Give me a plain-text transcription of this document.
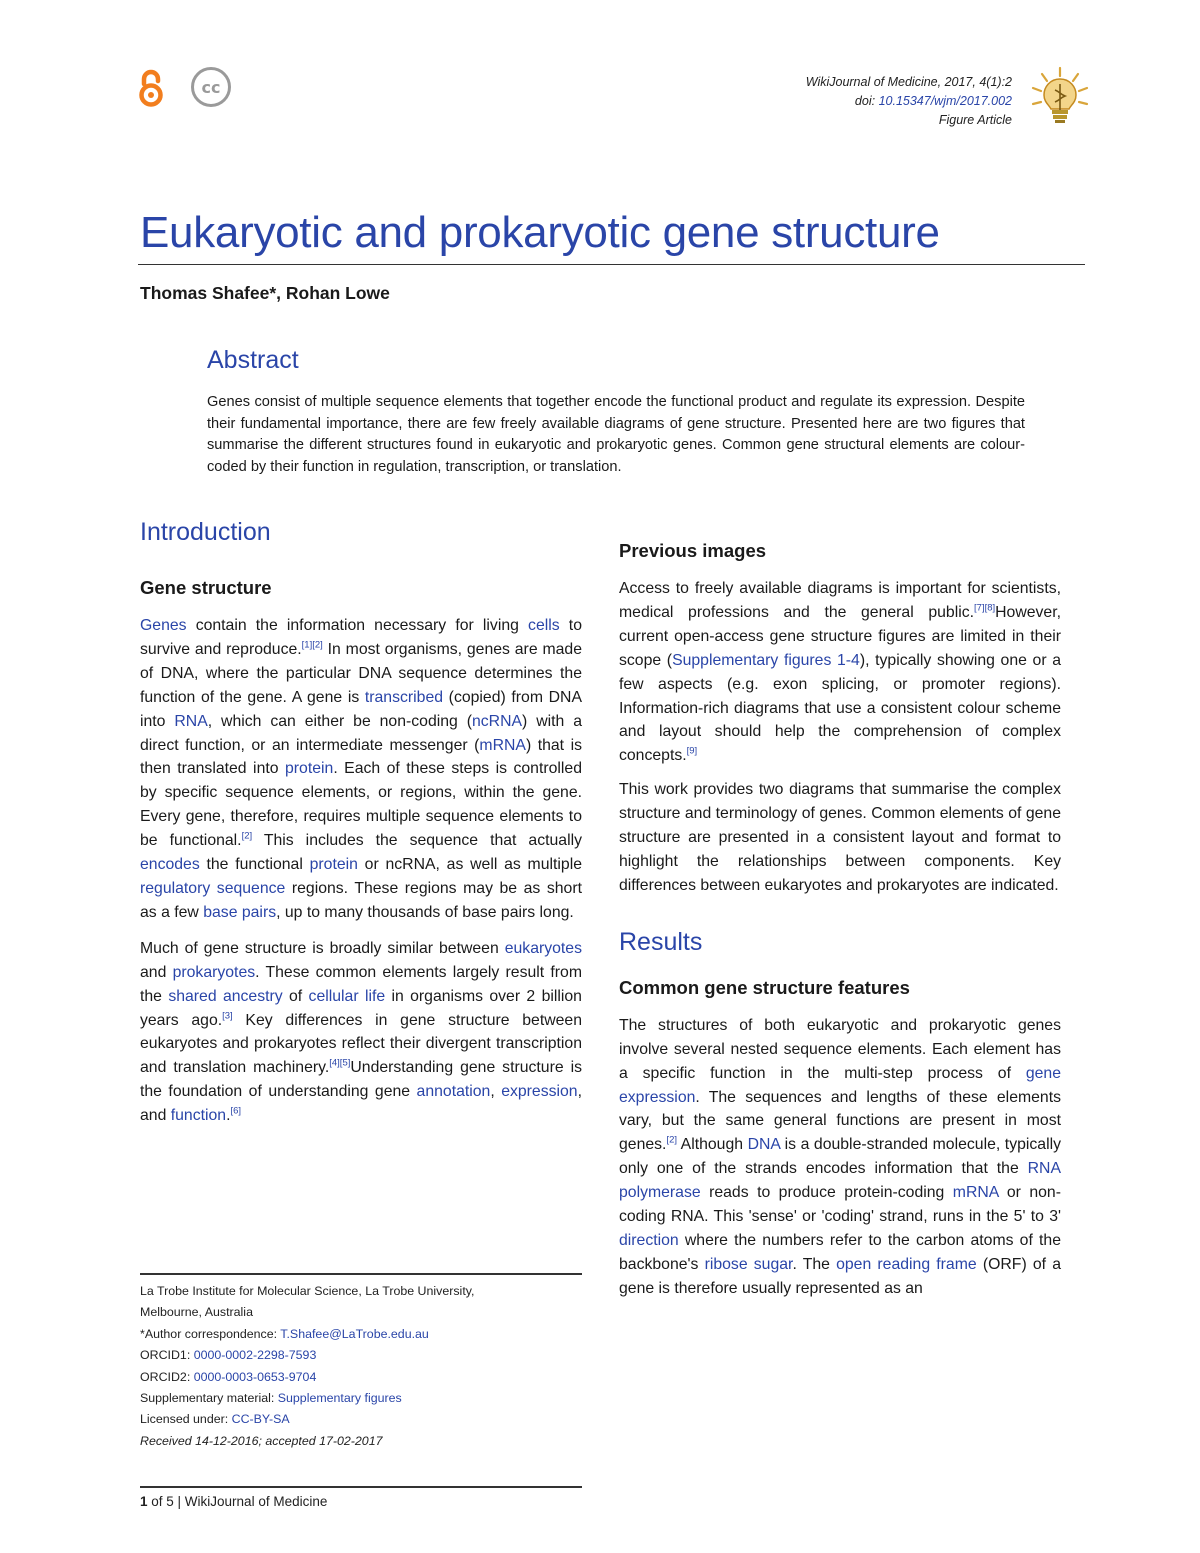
cc	WikiJournal of Medicine, 2017, 4(1):2
doi: 10.15347/wjm/2017.002
Figure Article
Eukaryotic and prokaryotic gene structure
Thomas Shafee*, Rohan Lowe
Abstract
Genes consist of multiple sequence elements that together encode the functional product and regulate its expression. Despite their fundamental importance, there are few freely available diagrams of gene structure. Presented here are two figures that summarise the different structures found in eukaryotic and prokaryotic genes. Common gene structural elements are colour-coded by their function in regulation, transcription, or translation.
Introduction
Gene structure

Genes contain the information necessary for living cells to survive and reproduce.[1][2] In most organisms, genes are made of DNA, where the particular DNA sequence determines the function of the gene. A gene is transcribed (copied) from DNA into RNA, which can either be non-coding (ncRNA) with a direct function, or an intermediate messenger (mRNA) that is then translated into protein. Each of these steps is controlled by specific sequence elements, or regions, within the gene. Every gene, therefore, requires multiple sequence elements to be functional.[2] This includes the sequence that actually encodes the functional protein or ncRNA, as well as multiple regulatory sequence regions. These regions may be as short as a few base pairs, up to many thousands of base pairs long.

Much of gene structure is broadly similar between eukaryotes and prokaryotes. These common elements largely result from the shared ancestry of cellular life in organisms over 2 billion years ago.[3] Key differences in gene structure between eukaryotes and prokaryotes reflect their divergent transcription and translation machinery.[4][5]Understanding gene structure is the foundation of understanding gene annotation, expression, and function.[6]

Previous images

Access to freely available diagrams is important for scientists, medical professions and the general public.[7][8]However, current open-access gene structure figures are limited in their scope (Supplementary figures 1-4), typically showing one or a few aspects (e.g. exon splicing, or promoter regions). Information-rich diagrams that use a consistent colour scheme and layout should help the comprehension of complex concepts.[9]

This work provides two diagrams that summarise the complex structure and terminology of genes. Common elements of gene structure are presented in a consistent layout and format to highlight the relationships between components. Key differences between eukaryotes and prokaryotes are indicated.

Results
Common gene structure features

The structures of both eukaryotic and prokaryotic genes involve several nested sequence elements. Each element has a specific function in the multi-step process of gene expression. The sequences and lengths of these elements vary, but the same general functions are present in most genes.[2] Although DNA is a double-stranded molecule, typically only one of the strands encodes information that the RNA polymerase reads to produce protein-coding mRNA or non-coding RNA. This 'sense' or 'coding' strand, runs in the 5' to 3' direction where the numbers refer to the carbon atoms of the backbone's ribose sugar. The open reading frame (ORF) of a gene is therefore usually represented as an

La Trobe Institute for Molecular Science, La Trobe University,
Melbourne, Australia
*Author correspondence: T.Shafee@LaTrobe.edu.au
ORCID1: 0000-0002-2298-7593
ORCID2: 0000-0003-0653-9704
Supplementary material: Supplementary figures
Licensed under: CC-BY-SA
Received 14-12-2016; accepted 17-02-2017
1 of 5 | WikiJournal of Medicine
